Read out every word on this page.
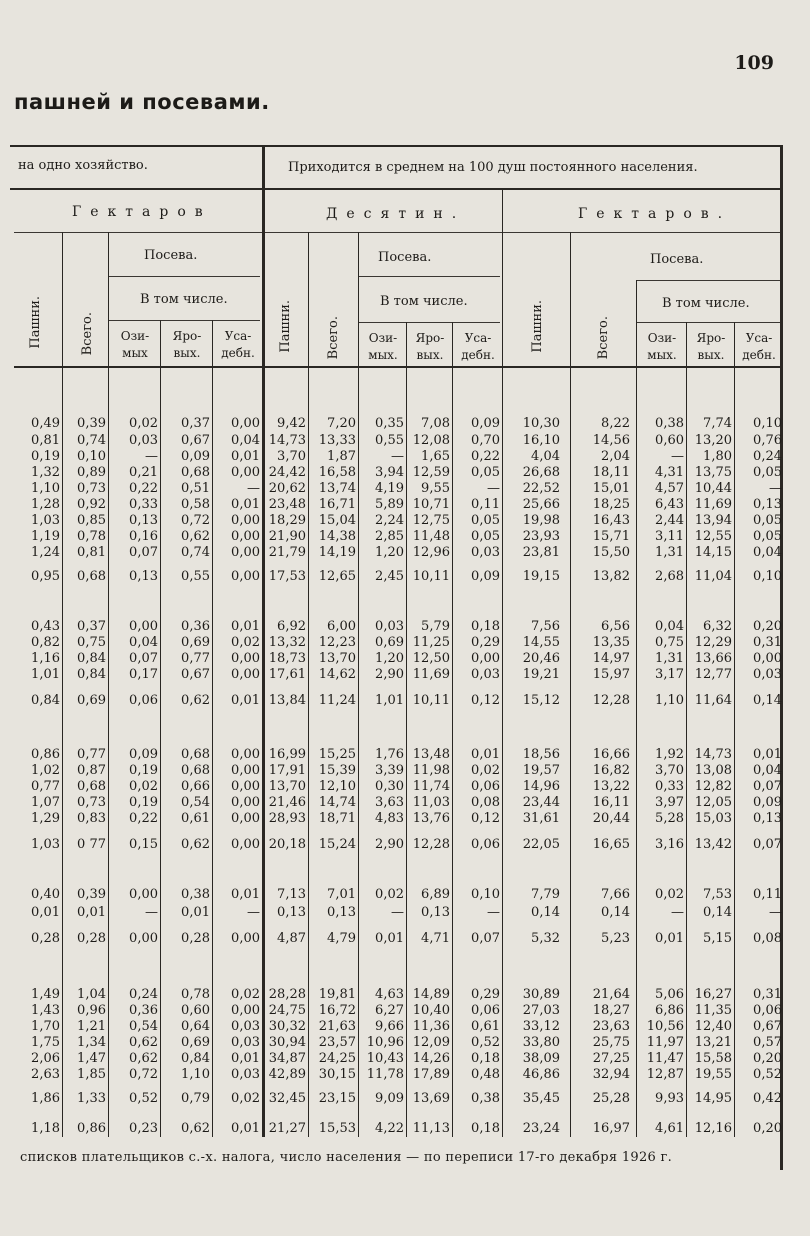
109
пашней и посевами.
на одно хозяйство.	Приходится в среднем на 100 душ постоянного населения.
Гектаров	Десятин.	Гектаров.
Посева.	Посева.	Посева.
В том числе.	В том числе.	В том числе.
Пашни.	Всего.	Пашни.	Всего.	Пашни.	Всего.
Ози-
мых
Яро-
вых.
Уса-
дебн.
Ози-
мых.
Яро-
вых.
Уса-
дебн.
Ози-
мых.
Яро-
вых.
Уса-
дебн.
0,49 0,39 0,02 0,37 0,00 9,42 7,20 0,35 7,08 0,09 10,30	8,22 0,38 7,74 0,10
0,81 0,74 0,03 0,67 0,04 14,73 13,33 0,55 12,08 0,70 16,10	14,56 0,60 13,20 0,76
0,19 0,10	— 0,09 0,01 3,70 1,87	— 1,65 0,22 4,04	2,04	— 1,80 0,24
1,32 0,89 0,21 0,68 0,00 24,42 16,58 3,94 12,59 0,05 26,68	18,11 4,31 13,75 0,05
1,10 0,73 0,22 0,51	— 20,62 13,74 4,19 9,55	— 22,52	15,01 4,57 10,44	—
1,28 0,92 0,33 0,58 0,01 23,48 16,71 5,89 10,71 0,11 25,66	18,25 6,43 11,69 0,13
1,03 0,85 0,13 0,72 0,00 18,29 15,04 2,24 12,75 0,05 19,98	16,43 2,44 13,94 0,05
1,19 0,78 0,16 0,62 0,00 21,90 14,38 2,85 11,48 0,05 23,93	15,71 3,11 12,55 0,05
1,24 0,81 0,07 0,74 0,00 21,79 14,19 1,20 12,96 0,03 23,81	15,50 1,31 14,15 0,04
0,95 0,68 0,13 0,55 0,00 17,53 12,65 2,45 10,11 0,09 19,15	13,82 2,68 11,04 0,10
0,43 0,37 0,00 0,36 0,01 6,92 6,00 0,03 5,79 0,18 7,56	6,56 0,04 6,32 0,20
0,82 0,75 0,04 0,69 0,02 13,32 12,23 0,69 11,25 0,29 14,55	13,35 0,75 12,29 0,31
1,16 0,84 0,07 0,77 0,00 18,73 13,70 1,20 12,50 0,00 20,46	14,97 1,31 13,66 0,00
1,01 0,84 0,17 0,67 0,00 17,61 14,62 2,90 11,69 0,03 19,21	15,97 3,17 12,77 0,03
0,84 0,69 0,06 0,62 0,01 13,84 11,24 1,01 10,11 0,12 15,12	12,28 1,10 11,64 0,14
0,86 0,77 0,09 0,68 0,00 16,99 15,25 1,76 13,48 0,01 18,56	16,66 1,92 14,73 0,01
1,02 0,87 0,19 0,68 0,00 17,91 15,39 3,39 11,98 0,02 19,57	16,82 3,70 13,08 0,04
0,77 0,68 0,02 0,66 0,00 13,70 12,10 0,30 11,74 0,06 14,96	13,22 0,33 12,82 0,07
1,07 0,73 0,19 0,54 0,00 21,46 14,74 3,63 11,03 0,08 23,44	16,11 3,97 12,05 0,09
1,29 0,83 0,22 0,61 0,00 28,93 18,71 4,83 13,76 0,12 31,61	20,44 5,28 15,03 0,13
1,03 0 77 0,15 0,62 0,00 20,18 15,24 2,90 12,28 0,06 22,05	16,65 3,16 13,42 0,07
0,40 0,39 0,00 0,38 0,01 7,13 7,01 0,02 6,89 0,10 7,79	7,66 0,02 7,53 0,11
0,01 0,01	— 0,01	— 0,13 0,13	— 0,13	— 0,14	0,14	— 0,14	—
0,28 0,28 0,00 0,28 0,00 4,87 4,79 0,01 4,71 0,07 5,32	5,23 0,01 5,15 0,08
1,49 1,04 0,24 0,78 0,02 28,28 19,81 4,63 14,89 0,29 30,89	21,64 5,06 16,27 0,31
1,43 0,96 0,36 0,60 0,00 24,75 16,72 6,27 10,40 0,06 27,03	18,27 6,86 11,35 0,06
1,70 1,21 0,54 0,64 0,03 30,32 21,63 9,66 11,36 0,61 33,12	23,63 10,56 12,40 0,67
1,75 1,34 0,62 0,69 0,03 30,94 23,57 10,96 12,09 0,52 33,80	25,75 11,97 13,21 0,57
2,06 1,47 0,62 0,84 0,01 34,87 24,25 10,43 14,26 0,18 38,09	27,25 11,47 15,58 0,20
2,63 1,85 0,72 1,10 0,03 42,89 30,15 11,78 17,89 0,48 46,86	32,94 12,87 19,55 0,52
1,86 1,33 0,52 0,79 0,02 32,45 23,15 9,09 13,69 0,38 35,45	25,28 9,93 14,95 0,42
1,18 0,86 0,23 0,62 0,01 21,27 15,53 4,22 11,13 0,18 23,24	16,97 4,61 12,16 0,20
списков плательщиков с.-х. налога, число населения — по переписи 17-го декабря 1926 г.
